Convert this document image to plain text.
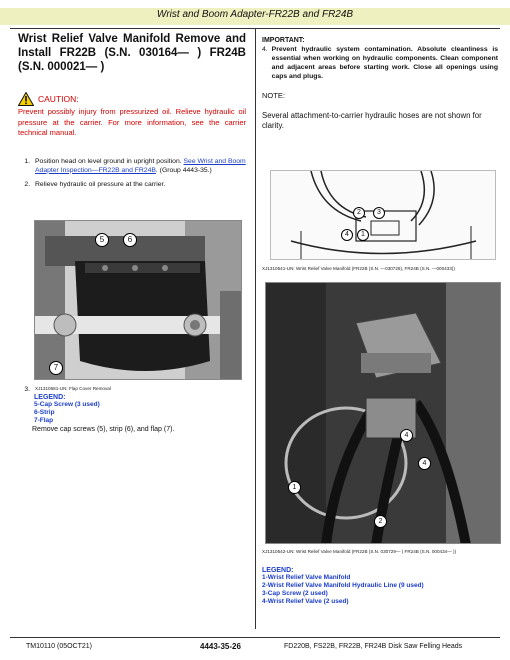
Wrist and Boom Adapter-FR22B and FR24B
Wrist Relief Valve Manifold Remove and Install FR22B (S.N. 030164— ) FR24B (S.N. 000021— )
CAUTION:
Prevent possibly injury from pressurized oil. Relieve hydraulic oil pressure at the carrier. For more information, see the carrier technical manual.
1. Position head on level ground in upright position. See Wrist and Boom Adapter Inspection—FR22B and FR24B. (Group 4443-35.)
2. Relieve hydraulic oil pressure at the carrier.
5	6
7
3. XJ1310681-UN: Flap Cover Removal
LEGEND:
5-Cap Screw (3 used)
6-Strip
7-Flap
Remove cap screws (5), strip (6), and flap (7).
IMPORTANT:
4. Prevent hydraulic system contamination. Absolute cleanliness is essential when working on hydraulic components. Clean component and adjacent areas before starting work. Close all openings using caps and plugs.
NOTE:
Several attachment-to-carrier hydraulic hoses are not shown for clarity.
2	3
4	1
XJ1310541-UN: Wrist Relief Valve Manifold (FR22B (S.N. —030728), FR24B (S.N. —000433))
4
4
1
2
XJ1310542-UN: Wrist Relief Valve Manifold (FR22B (S.N. 030729— ) FR24B (S.N. 000434— ))
LEGEND:
1-Wrist Relief Valve Manifold
2-Wrist Relief Valve Manifold Hydraulic Line (9 used)
3-Cap Screw (2 used)
4-Wrist Relief Valve (2 used)
TM10110 (05OCT21)	4443-35-26	FD220B, FS22B, FR22B, FR24B Disk Saw Felling Heads
